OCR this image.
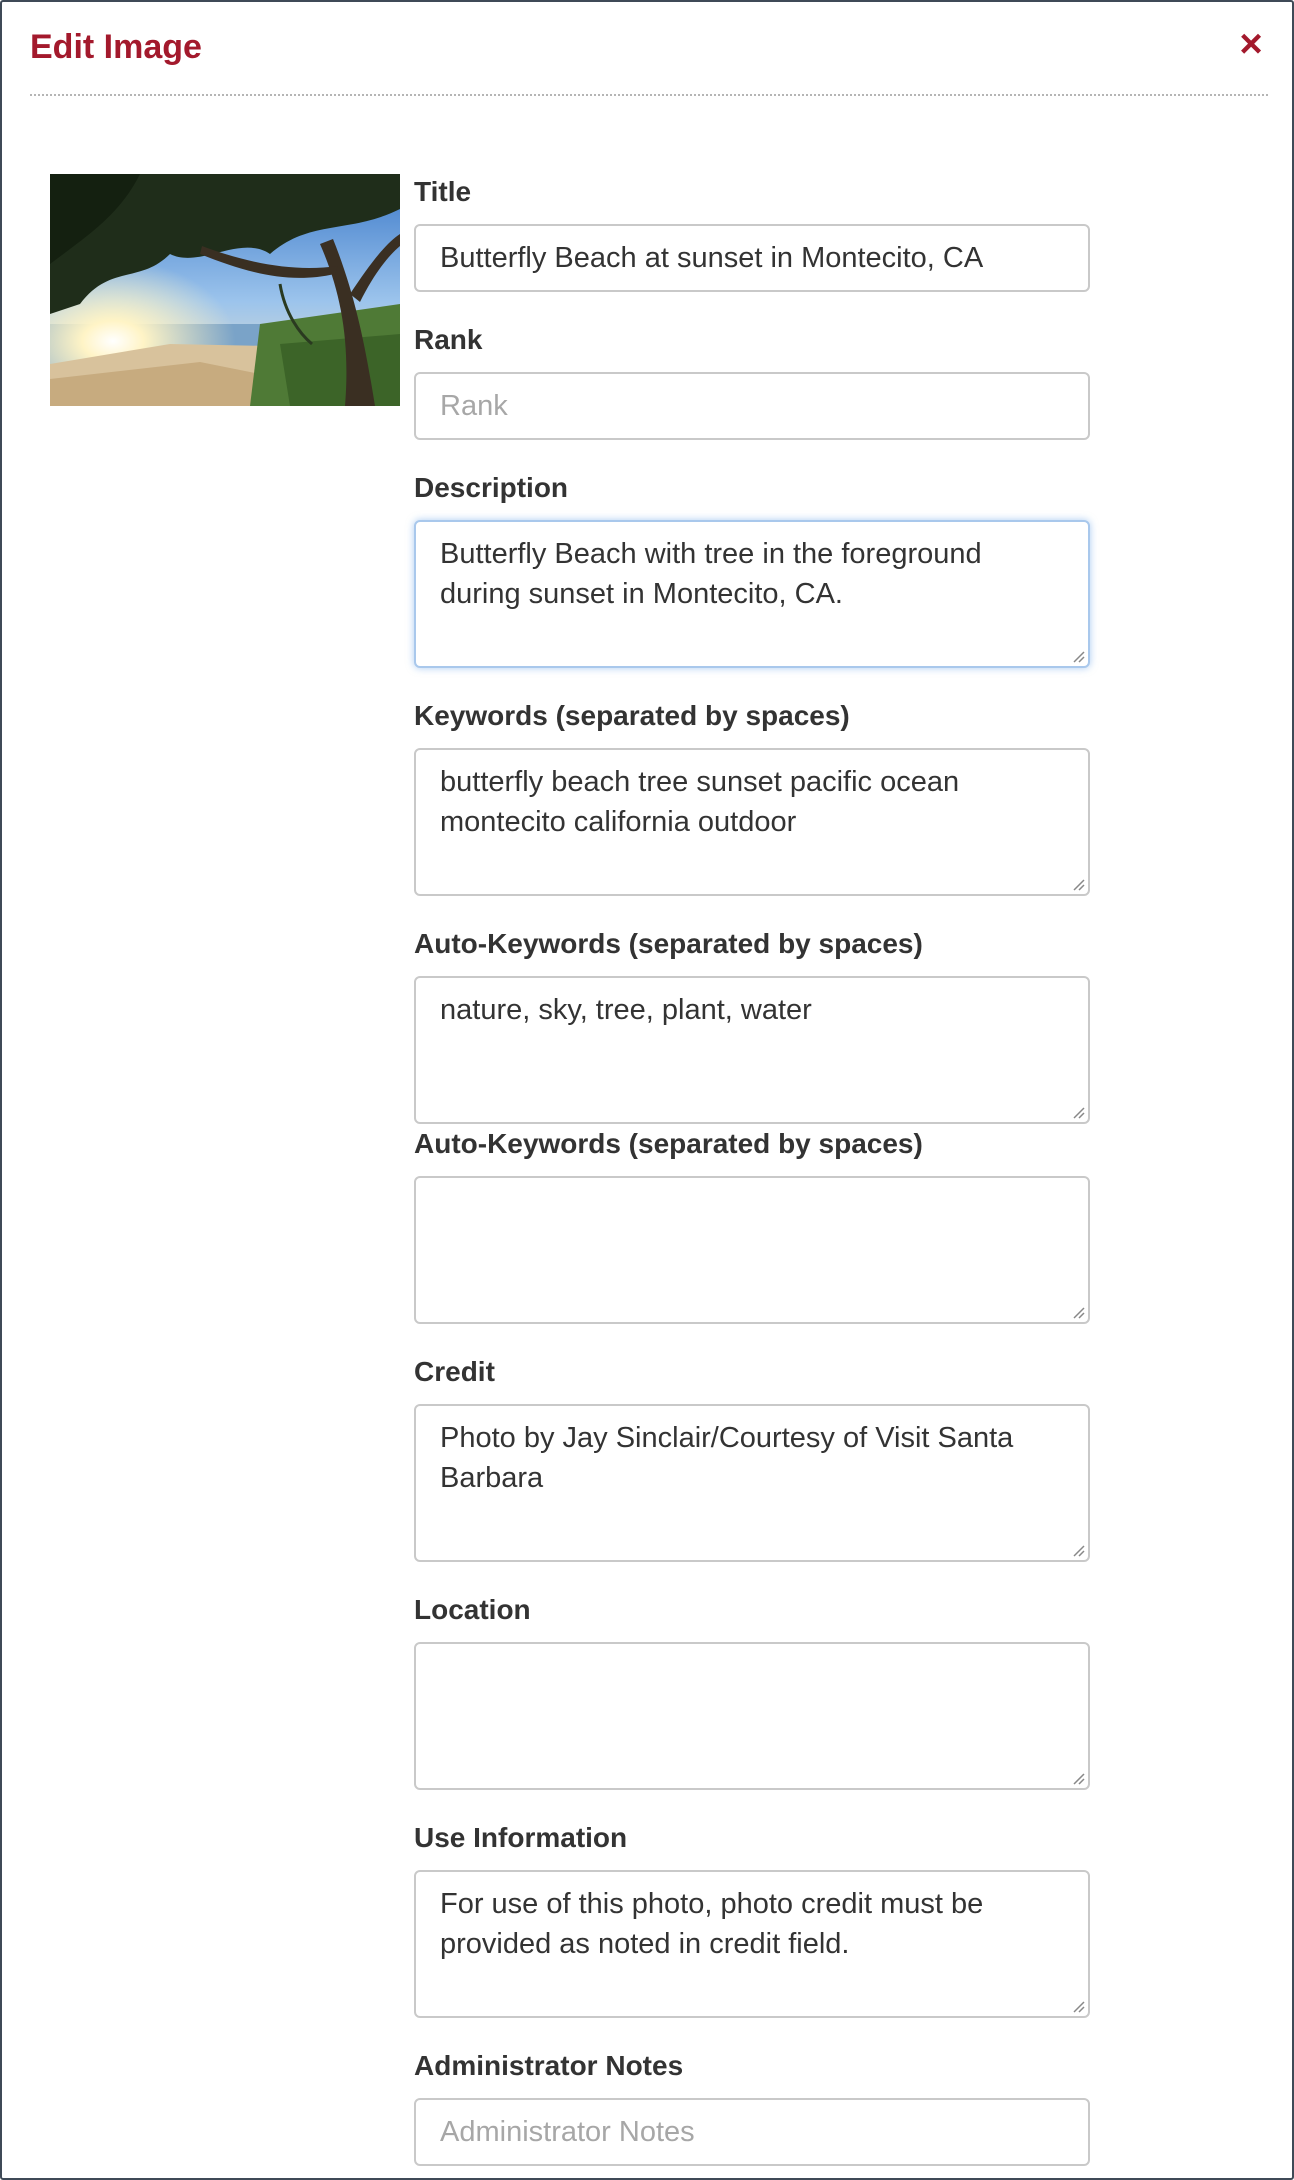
Edit Image	×
Title
Butterfly Beach at sunset in Montecito, CA
Rank
Rank
Description
Butterfly Beach with tree in the foreground during sunset in Montecito, CA.
Keywords (separated by spaces)
butterfly beach tree sunset pacific ocean montecito california outdoor
Auto-Keywords (separated by spaces)
nature, sky, tree, plant, water
Auto-Keywords (separated by spaces)
Credit
Photo by Jay Sinclair/Courtesy of Visit Santa Barbara
Location
Use Information
For use of this photo, photo credit must be provided as noted in credit field.
Administrator Notes
Administrator Notes
